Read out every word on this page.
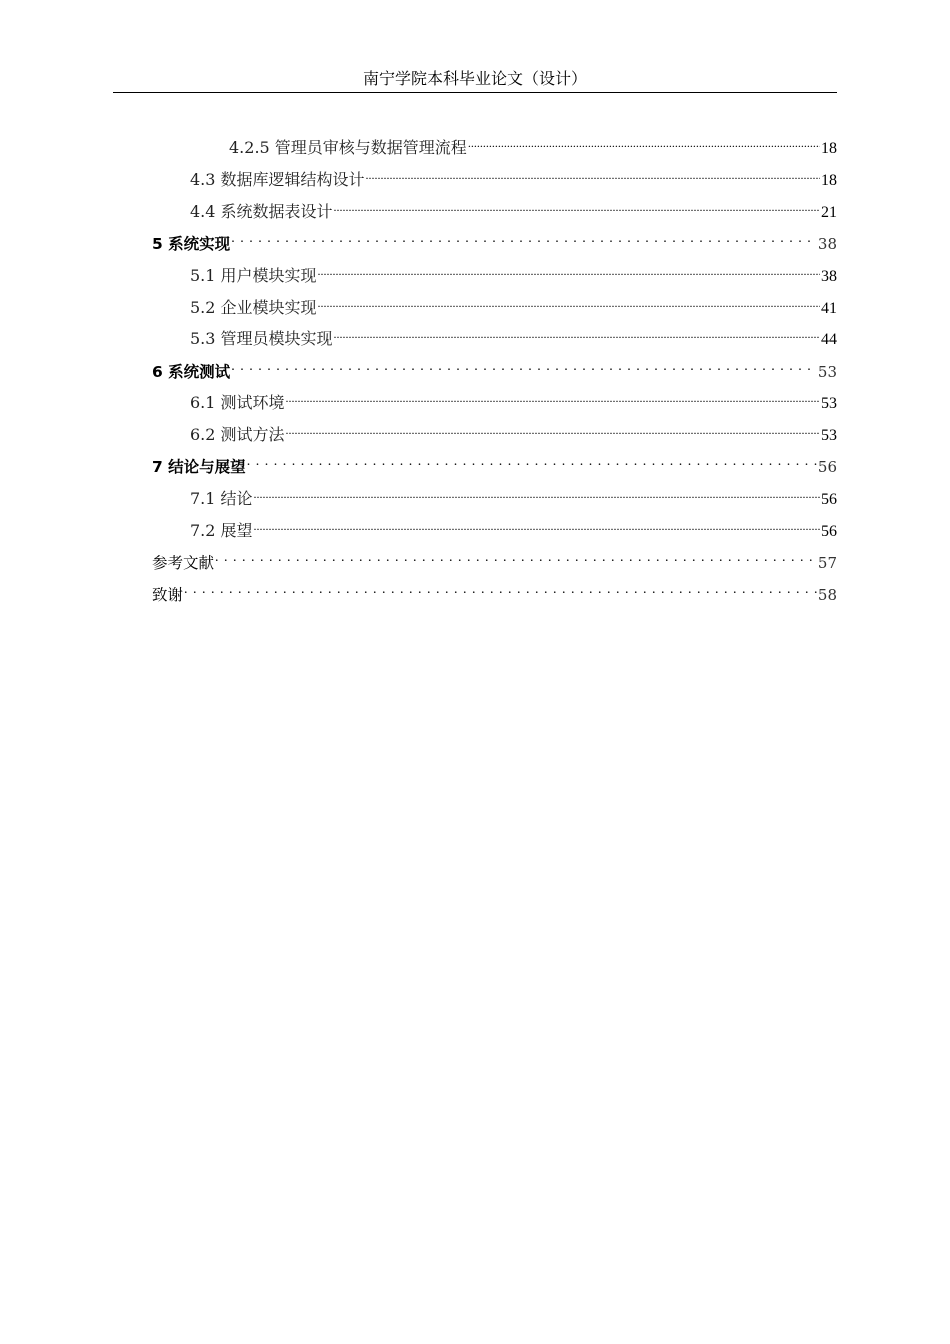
南宁学院本科毕业论文（设计）
4.2.5 管理员审核与数据管理流程 .....	18
4.3 数据库逻辑结构设计 .....	18
4.4 系统数据表设计 .....	21
5 系统实现 . . .	38
5.1 用户模块实现 .....	38
5.2 企业模块实现 .....	41
5.3 管理员模块实现 .....	44
6 系统测试 . . .	53
6.1 测试环境 .....	53
6.2 测试方法 .....	53
7 结论与展望 . . .	56
7.1 结论 .....	56
7.2 展望 .....	56
参考文献 . . .	57
致谢 . . .	58
